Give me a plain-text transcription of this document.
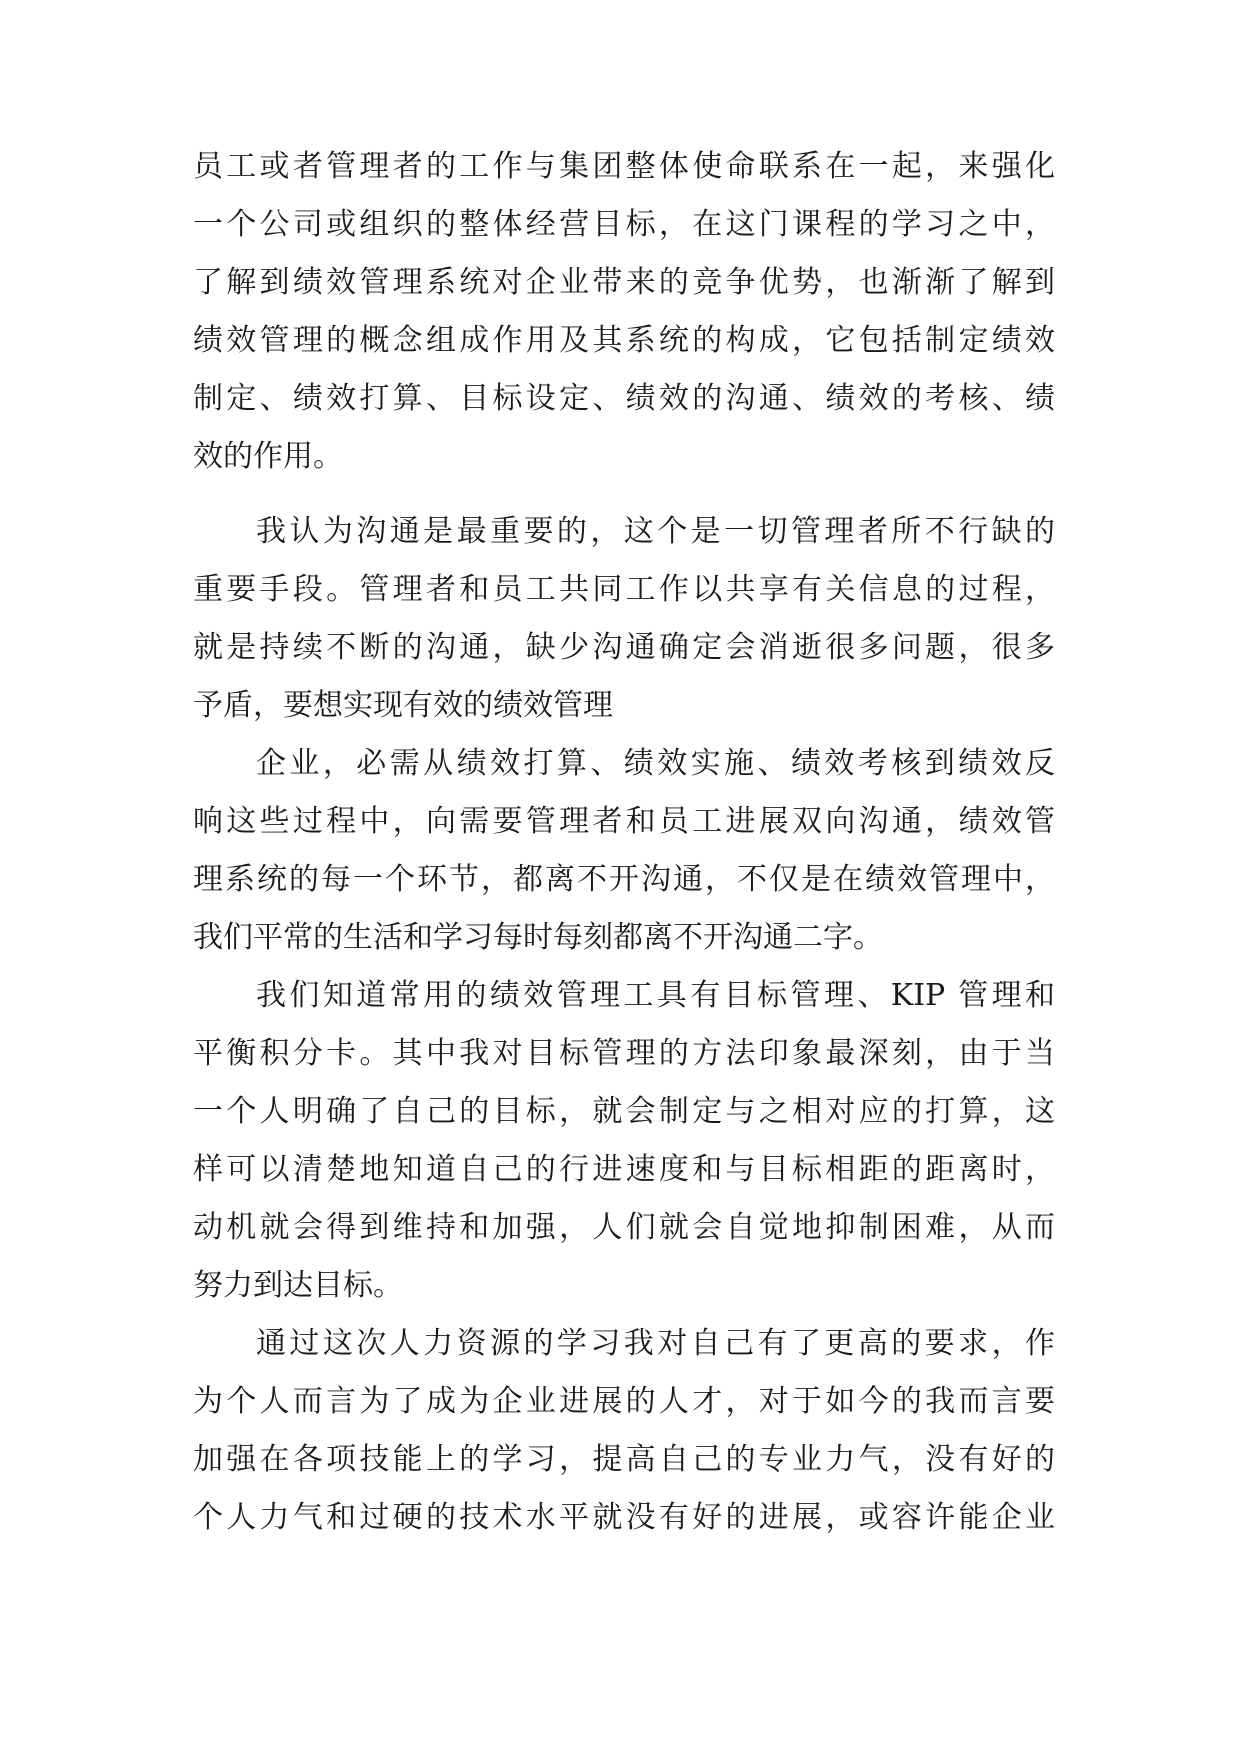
员工或者管理者的工作与集团整体使命联系在一起，来强化
一个公司或组织的整体经营目标，在这门课程的学习之中，
了解到绩效管理系统对企业带来的竞争优势，也渐渐了解到
绩效管理的概念组成作用及其系统的构成，它包括制定绩效
制定、绩效打算、目标设定、绩效的沟通、绩效的考核、绩
效的作用。
我认为沟通是最重要的，这个是一切管理者所不行缺的
重要手段。管理者和员工共同工作以共享有关信息的过程，
就是持续不断的沟通，缺少沟通确定会消逝很多问题，很多
予盾，要想实现有效的绩效管理
企业，必需从绩效打算、绩效实施、绩效考核到绩效反
响这些过程中，向需要管理者和员工进展双向沟通，绩效管
理系统的每一个环节，都离不开沟通，不仅是在绩效管理中，
我们平常的生活和学习每时每刻都离不开沟通二字。
我们知道常用的绩效管理工具有目标管理、KIP 管理和
平衡积分卡。其中我对目标管理的方法印象最深刻，由于当
一个人明确了自己的目标，就会制定与之相对应的打算，这
样可以清楚地知道自己的行进速度和与目标相距的距离时，
动机就会得到维持和加强，人们就会自觉地抑制困难，从而
努力到达目标。
通过这次人力资源的学习我对自己有了更高的要求，作
为个人而言为了成为企业进展的人才，对于如今的我而言要
加强在各项技能上的学习，提高自己的专业力气，没有好的
个人力气和过硬的技术水平就没有好的进展，或容许能企业
